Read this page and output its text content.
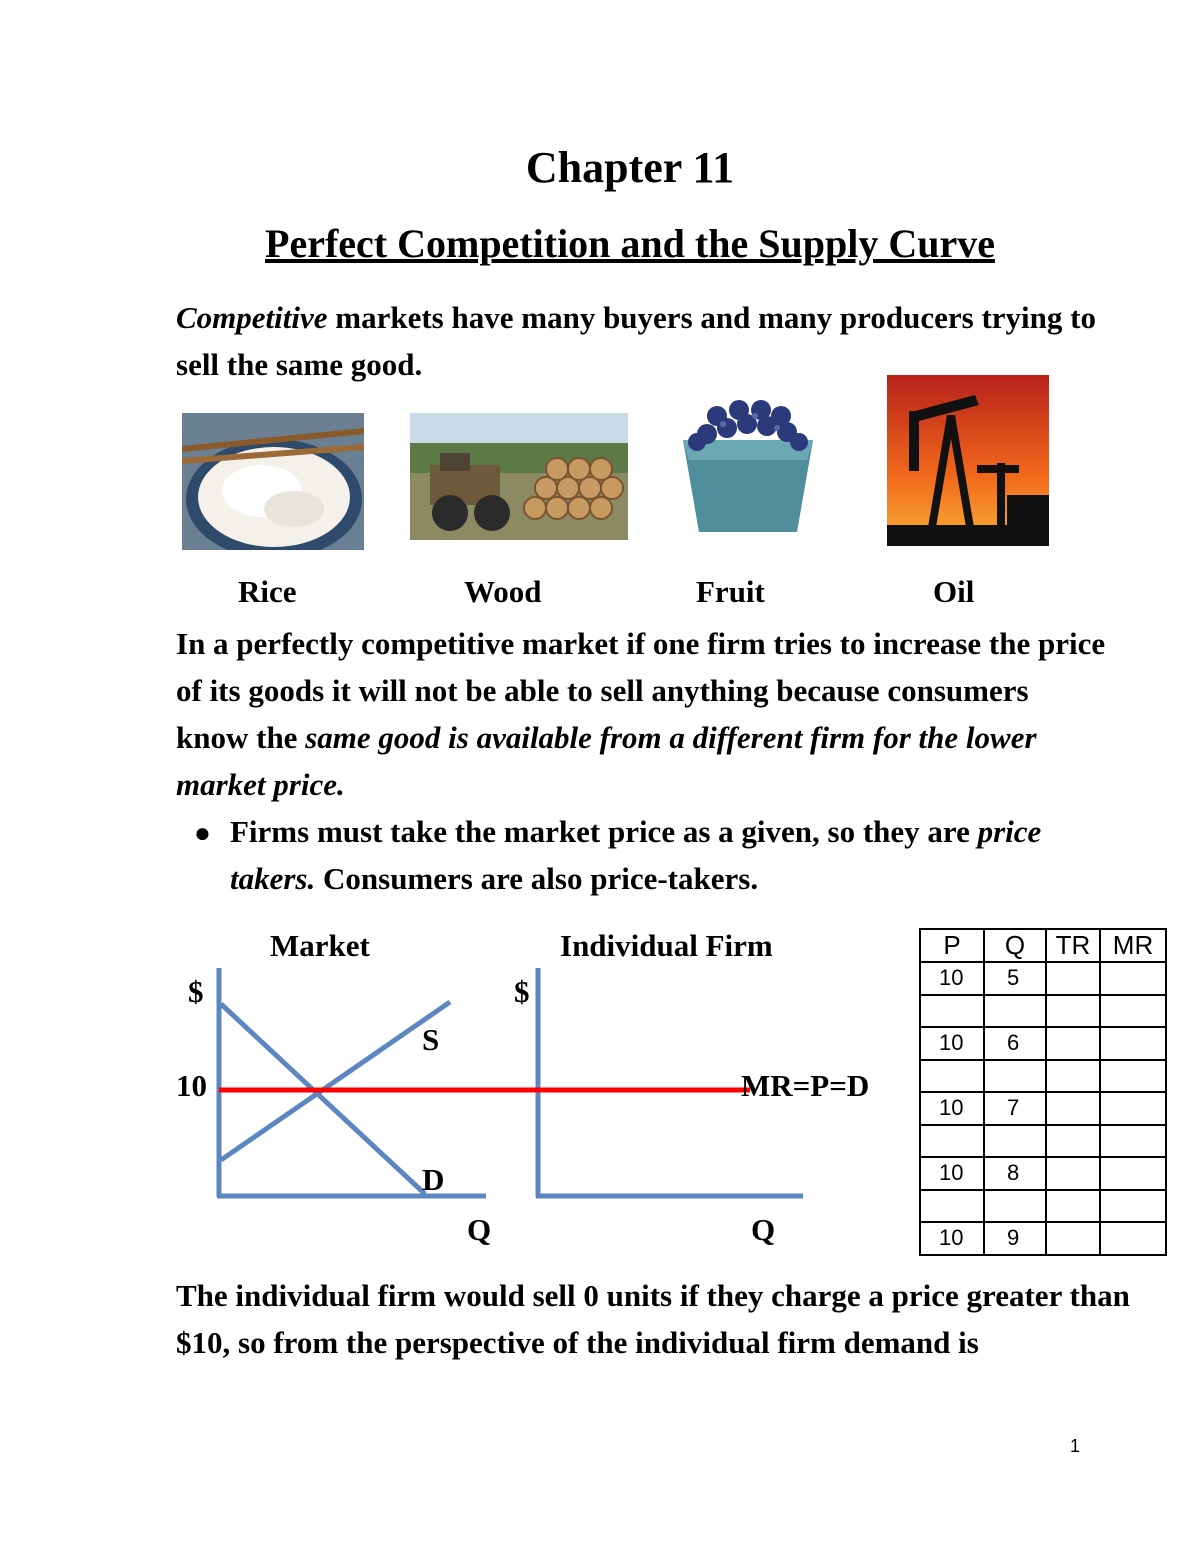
Chapter 11
Perfect Competition and the Supply Curve
Competitive markets have many buyers and many producers trying to sell the same good.
Rice	Wood	Fruit	Oil
In a perfectly competitive market if one firm tries to increase the price of its goods it will not be able to sell anything because consumers know the same good is available from a different firm for the lower market price.
● Firms must take the market price as a given, so they are price takers. Consumers are also price-takers.
Market	Individual Firm
$	$
10
S
D
MR=P=D
Q	Q
P	Q	TR	MR
10	5		

10	6		

10	7		

10	8		

10	9		
The individual firm would sell 0 units if they charge a price greater than $10, so from the perspective of the individual firm demand is
1
